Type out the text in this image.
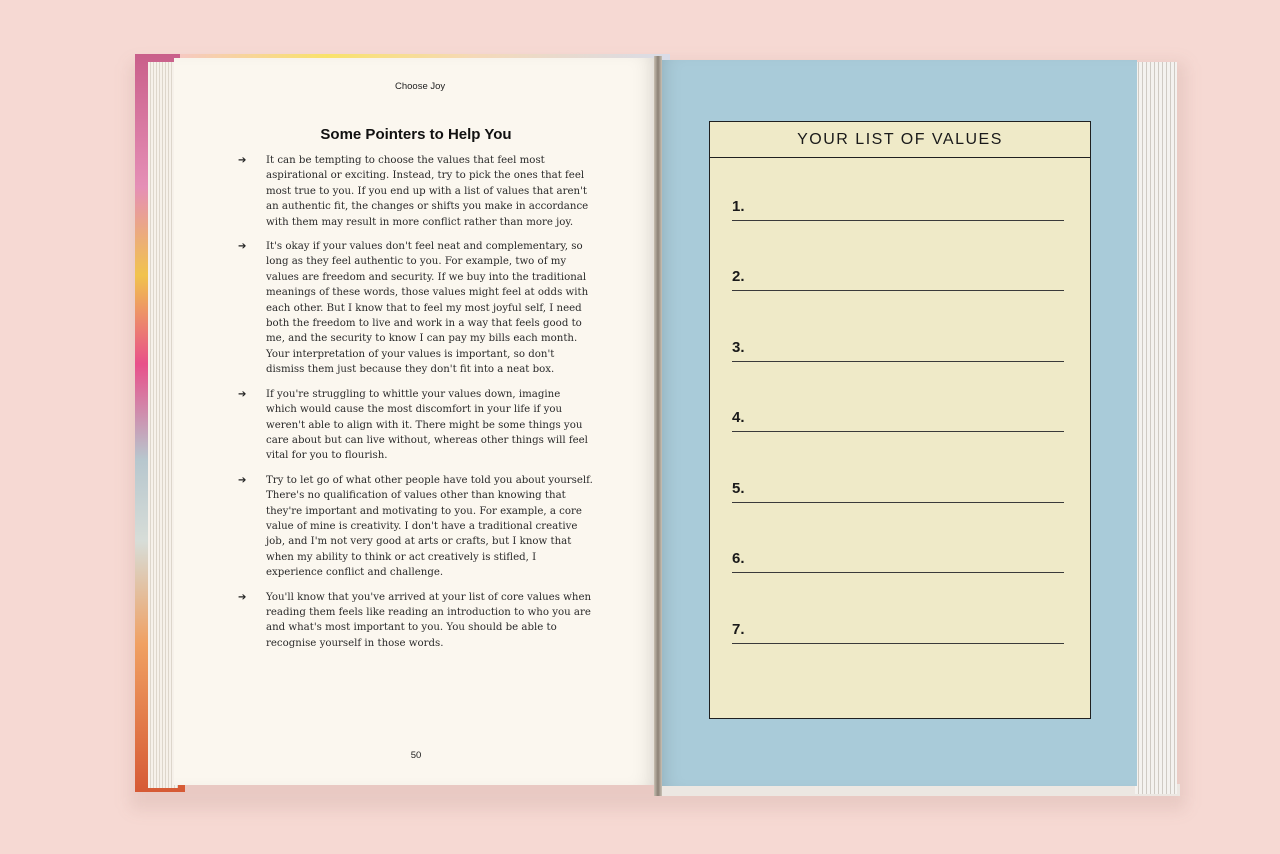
Choose Joy
Some Pointers to Help You
➔ It can be tempting to choose the values that feel most aspirational or exciting. Instead, try to pick the ones that feel most true to you. If you end up with a list of values that aren't an authentic fit, the changes or shifts you make in accordance with them may result in more conflict rather than more joy.
➔ It's okay if your values don't feel neat and complementary, so long as they feel authentic to you. For example, two of my values are freedom and security. If we buy into the traditional meanings of these words, those values might feel at odds with each other. But I know that to feel my most joyful self, I need both the freedom to live and work in a way that feels good to me, and the security to know I can pay my bills each month. Your interpretation of your values is important, so don't dismiss them just because they don't fit into a neat box.
➔ If you're struggling to whittle your values down, imagine which would cause the most discomfort in your life if you weren't able to align with it. There might be some things you care about but can live without, whereas other things will feel vital for you to flourish.
➔ Try to let go of what other people have told you about yourself. There's no qualification of values other than knowing that they're important and motivating to you. For example, a core value of mine is creativity. I don't have a traditional creative job, and I'm not very good at arts or crafts, but I know that when my ability to think or act creatively is stifled, I experience conflict and challenge.
➔ You'll know that you've arrived at your list of core values when reading them feels like reading an introduction to who you are and what's most important to you. You should be able to recognise yourself in those words.
50
YOUR LIST OF VALUES
1.
2.
3.
4.
5.
6.
7.
